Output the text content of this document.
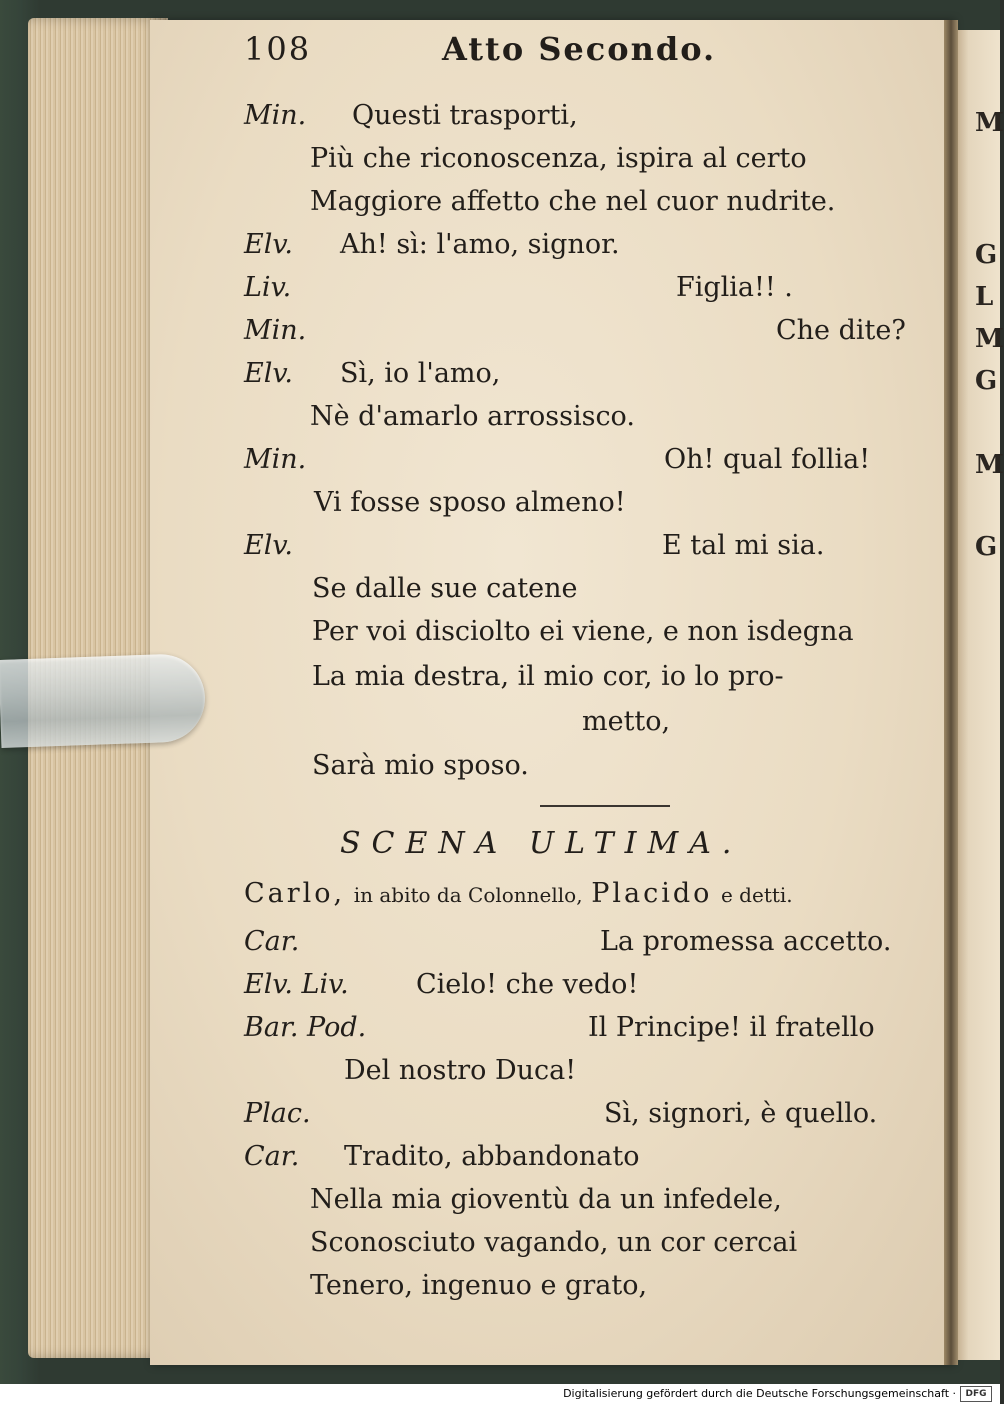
M
G
L
M
G
M
G
108	Atto Secondo.
Min. Questi trasporti,
Più che riconoscenza, ispira al certo
Maggiore affetto che nel cuor nudrite.
Elv. Ah! sì: l'amo, signor.
Liv.	Figlia!! .
Min.	Che dite?
Elv. Sì, io l'amo,
Nè d'amarlo arrossisco.
Min.	Oh! qual follia!
Vi fosse sposo almeno!
Elv.	E tal mi sia.
Se dalle sue catene
Per voi disciolto ei viene, e non isdegna
La mia destra, il mio cor, io lo pro-
metto,
Sarà mio sposo.
SCENA ULTIMA.
Carlo, in abito da Colonnello, Placido e detti.
Car.	La promessa accetto.
Elv. Liv. Cielo! che vedo!
Bar. Pod.	Il Principe! il fratello
Del nostro Duca!
Plac.	Sì, signori, è quello.
Car. Tradito, abbandonato
Nella mia gioventù da un infedele,
Sconosciuto vagando, un cor cercai
Tenero, ingenuo e grato,
Digitalisierung gefördert durch die Deutsche Forschungsgemeinschaft ·	DFG
